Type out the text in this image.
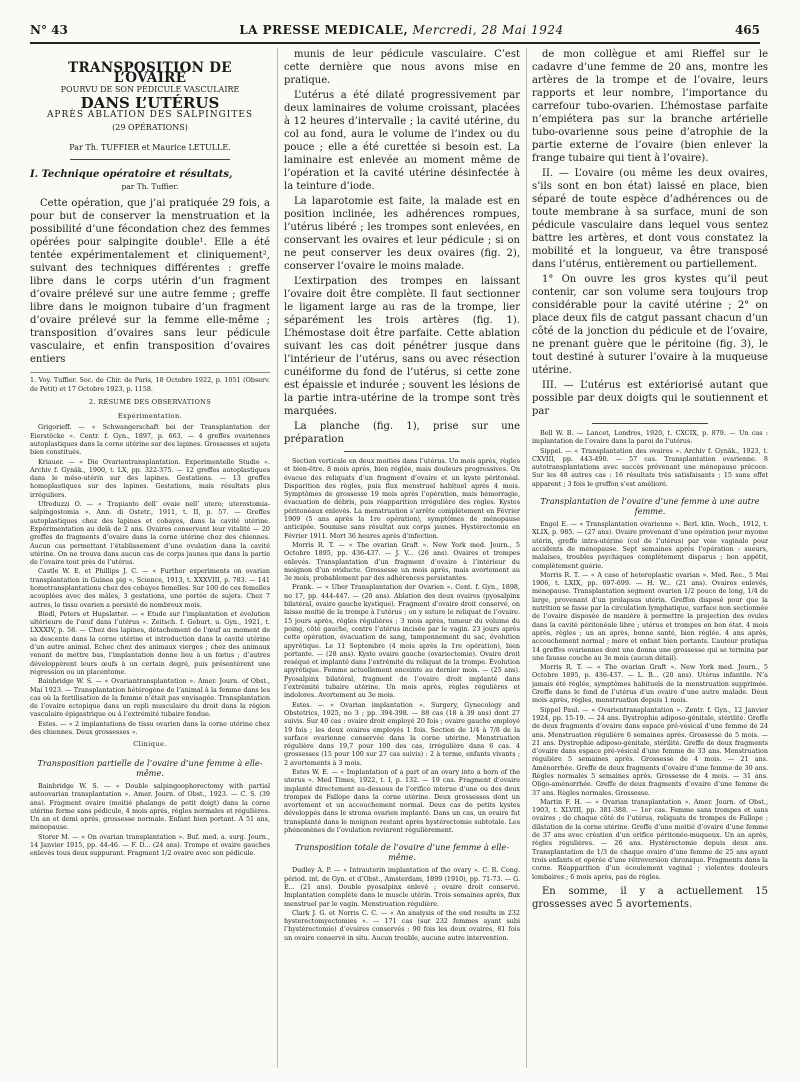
N° 43	LA PRESSE MEDICALE, Mercredi, 28 Mai 1924	465
TRANSPOSITION DE L’OVAIRE
POURVU DE SON PÉDICULE VASCULAIRE
DANS L’UTÉRUS
APRÈS ABLATION DES SALPINGITES
(29 OPÉRATIONS)
Par Th. TUFFIER et Maurice LETULLE.
I. Technique opératoire et résultats,
par Th. Tuffier.

Cette opération, que j’ai pratiquée 29 fois, a pour but de conserver la menstruation et la possibilité d’une fécondation chez des femmes opérées pour salpingite double¹. Elle a été tentée expérimentalement et cliniquement², suivant des techniques différentes : greffe libre dans le corps utérin d’un fragment d’ovaire prélevé sur une autre femme ; greffe libre dans le moignon tubaire d’un fragment d’ovaire prélevé sur la femme elle-même ; transposition d’ovaires sans leur pédicule vasculaire, et enfin transposition d’ovaires entiers

1. Voy. Tuffier. Soc. de Chir. de Paris, 18 Octobre 1922, p. 1051 (Observ. de Petit) et 17 Octobre 1923, p. 1158.
2. RÉSUMÉ DES OBSERVATIONS
Expérimentation.

Grigorieff. — « Schwangerschaft bei der Transplantation der Eierstöcke ». Centr. f. Gyn., 1897, p. 663. — 4 greffes ovariennes autoplastiques dans la corne utérine sur des lapines. Grossesses et sujets bien constitués.

Kriauer. — « Die Ovarientransplantation. Experimentelle Studie ». Archiv f. Gynäk., 1900, t. LX, pp. 322-375. — 12 greffes autoplastiques dans le méso-utérin sur des lapines. Gestations. — 13 greffes homoplastiques sur des lapines. Gestations, mais résultats plus irréguliers.

Ufreduzzi O. — « Trapianto dell’ ovaie nell’ utero; uterostomia-salpingostomia ». Ann. di Ostetr., 1911, t. II, p. 57. — Greffes autoplastiques chez des lapines et cobayes, dans la cavité utérine. Expérimentation au delà de 2 ans. Ovaires conservant leur vitalité — 20 greffes de fragments d’ovaire dans la corne utérine chez des chiennes. Aucun cas permettant l’établissement d’une ovulation dans la cavité utérine. On ne trouva dans aucun cas de corps jaunes que dans la partie de l’ovaire tout près de l’utérus.

Castle W. E. et Phillips J. C. — « Further experiments on ovarian transplantation in Guinea pig ». Science, 1913, t. XXXVIII, p. 783. — 141 homotransplantations chez des cobayes femelles. Sur 100 de ces femelles acouplées avec des mâles, 3 gestations, une portée de sujets. Chez 7 autres, le tissu ovarien a persisté de nombreux mois.

Biedl, Peters et Hupslatter. — « Etude sur l’implantation et évolution ultérieure de l’œuf dans l’utérus ». Zeitsch. f. Geburt. u. Gyn., 1921, t. LXXXIV, p. 58. — Chez des lapines, détachement de l’œuf au moment de sa descente dans la corne utérine et introduction dans la cavité utérine d’un autre animal. Echec chez des animaux vierges ; chez des animaux venant de mettre bas, l’implantation donne lieu à un fœtus ; d’autres développèrent leurs œufs à un certain degré, puis présentèrent une régression ou un placentome.

Bainbridge W. S. — « Ovariantransplantation ». Amer. Journ. of Obst., Mai 1923. — Transplantation hétérogène de l’animal à la femme dans les cas où la fertilisation de la femme n’était pas envisagée. Transplantation de l’ovaire ectopique dans un repli musculaire du droit dans la région vasculaire épigastrique ou à l’extrémité tubaire fendue.

Estes. — « 2 implantations de tissu ovarien dans la corne utérine chez des chiennes. Deux grossesses ».

Clinique.
Transposition partielle de l’ovaire d’une femme à elle-même.

Bainbridge W. S. — « Double salpingoophorectomy with partial autoovarian transplantation ». Amer. Journ. of Obst., 1923. — C. S. (39 ans). Fragment ovaire (moitié phalange de petit doigt) dans la corne utérine ferme sans pédicule, 4 mois après, règles normales et régulières. Un an et demi après, grossesse normale. Enfant bien portant. A 51 ans, ménopause.

Storer M. — « On ovarian transplantation ». Buf. med. a. surg. Journ., 14 Janvier 1915, pp. 44-46. — F. D... (24 ans). Trompe et ovaire gauches enlevés tous deux suppurant. Fragment 1/2 ovaire avec son pédicule.

munis de leur pédicule vasculaire. C’est cette dernière que nous avons mise en pratique.

L’utérus a été dilaté progressivement par deux laminaires de volume croissant, placées à 12 heures d’intervalle ; la cavité utérine, du col au fond, aura le volume de l’index ou du pouce ; elle a été curettée si besoin est. La laminaire est enlevée au moment même de l’opération et la cavité utérine désinfectée à la teinture d’iode.

La laparotomie est faite, la malade est en position inclinée, les adhérences rompues, l’utérus libéré ; les trompes sont enlevées, en conservant les ovaires et leur pédicule ; si on ne peut conserver les deux ovaires (fig. 2), conserver l’ovaire le moins malade.

L’extirpation des trompes en laissant l’ovaire doit être complète. Il faut sectionner le ligament large au ras de la trompe, lier séparément les trois artères (fig. 1). L’hémostase doit être parfaite. Cette ablation suivant les cas doit pénétrer jusque dans l’intérieur de l’utérus, sans ou avec résection cunéiforme du fond de l’utérus, si cette zone est épaissie et indurée ; souvent les lésions de la partie intra-utérine de la trompe sont très marquées.

La planche (fig. 1), prise sur une préparation

Section verticale en deux moitiés dans l’utérus. Un mois après, règles et bien-être. 8 mois après, bien réglée, mais douleurs progressives. On évacue des reliquats d’un fragment d’ovaire et un kyste péritonéal. Disparition des règles, puis flux menstruel habituel après 4 mois. Symptômes de grossesse 19 mois après l’opération, mais hémorragie, évacuation de débris, puis réapparition irrégulière des règles. Kystes péritonéaux enlevés. La menstruation s’arrête complètement en Février 1909 (5 ans après la 1re opération), symptômes de ménopause anticipée. Soumise sans résultat aux corps jaunes. Hystérectomie en Février 1911. Mort 36 heures après d’infection.

Morris R. T. — « The ovarian Graft ». New York med. Journ., 5 Octobre 1895, pp. 436-437. — J. V... (26 ans). Ovaires et trompes enlevés. Transplantation d’un fragment d’ovaire à l’intérieur du moignon d’un oviducte. Grossesse un mois après, mais avortement au 3e mois, probablement par des adhérences persistantes.

Frank. — « Uber Transplantation der Ovarien ». Cent. f. Gyn., 1898, no 17, pp. 444-447. — (20 ans). Ablation des deux ovaires (pyosalpinx bilatéral, ovaire gauche kystique). Fragment d’ovaire droit conservé, on laisse moitié de la trompe à l’utérus ; on y suture le reliquat de l’ovaire. 15 jours après, règles régulières ; 3 mois après, tumeur du volume du poing, côté gauche, contre l’utérus incisée par le vagin. 23 jours après cette opération, évacuation de sang, tamponnement du sac, évolution apyrétique. Le 11 Septembre (4 mois après la 1re opération), bien portante. — (28 ans). Kyste ovaire gauche (ovariectomie). Ovaire droit reséqué et implanté dans l’extrémité du reliquat de la trompe. Évolution apyrétique. Femme actuellement enceinte au dernier mois. — (25 ans). Pyosalpinx bilatéral, fragment de l’ovaire droit implanté dans l’extrémité tubaire utérine. Un mois après, règles régulières et indolores. Avortement au 3e mois.

Estes. — « Ovarian implantation ». Surgery, Gynecology and Obstetrics, 1925, no 3 ; pp. 394-398. — 88 cas (18 à 39 ans) dont 27 suivis. Sur 40 cas : ovaire droit employé 20 fois ; ovaire gauche employé 19 fois ; les deux ovaires employés 1 fois. Section de 1/4 à 7/8 de la surface ovarienne conservée dans la corne utérine. Menstruation régulière dans 19,7 pour 100 des cas, irrégulière dans 6 cas. 4 grossesses (15 pour 100 sur 27 cas suivis) : 2 à terme, enfants vivants ; 2 avortements à 3 mois.

Estes W. E. — « Implantation of a part of an ovary into a horn of the uterus ». Med Times, 1922, t. I, p. 132. — 19 cas. Fragment d’ovaire implanté directement au-dessous de l’orifice interne d’une ou des deux trompes de Fallope dans la corne utérine. Deux grossesses dont un avortement et un accouchement normal. Deux cas de petits kystes développés dans le stroma ovarien implanté. Dans un cas, un ovaire fut transplanté dans le moignon restant après hystérectomie subtotale. Les phénomènes de l’ovulation revinrent régulièrement.

Transposition totale de l’ovaire d’une femme à elle-même.

Dudley A. P. — « Intrauterin implantation of the ovary ». C. R. Cong. périod. int. de Gyn. et d’Obst., Amsterdam, 1899 (1910), pp. 71-73. — G. E... (21 ans). Double pyosalpinx enlevé ; ovaire droit conservé. Implantation complète dans le muscle utérin. Trois semaines après, flux menstruel par le vagin. Menstruation régulière.

Clark J. G. et Norris C. C. — « An analysis of the end results in 232 hysterectomyectomies ». — 171 cas (sur 232 femmes ayant subi l’hystérectomie) d’ovaires conservés : 90 fois les deux ovaires, 81 fois un ovaire conservé in situ. Aucun trouble, aucune autre intervention.

de mon collègue et ami Rieffel sur le cadavre d’une femme de 20 ans, montre les artères de la trompe et de l’ovaire, leurs rapports et leur nombre, l’importance du carrefour tubo-ovarien. L’hémostase parfaite n’empiétera pas sur la branche artérielle tubo-ovarienne sous peine d’atrophie de la partie externe de l’ovaire (bien enlever la frange tubaire qui tient à l’ovaire).

II. — L’ovaire (ou même les deux ovaires, s’ils sont en bon état) laissé en place, bien séparé de toute espèce d’adhérences ou de toute membrane à sa surface, muni de son pédicule vasculaire dans lequel vous sentez battre les artères, et dont vous constatez la mobilité et la longueur, va être transposé dans l’utérus, entièrement ou partiellement.

1° On ouvre les gros kystes qu’il peut contenir, car son volume sera toujours trop considérable pour la cavité utérine ; 2° on place deux fils de catgut passant chacun d’un côté de la jonction du pédicule et de l’ovaire, ne prenant guère que le péritoine (fig. 3), le tout destiné à suturer l’ovaire à la muqueuse utérine.

III. — L’utérus est extériorisé autant que possible par deux doigts qui le soutiennent et par

Bell W. B. — Lancet, Londres, 1920, t. CXCIX, p. 879. — Un cas : implantation de l’ovaire dans la paroi de l’utérus.

Sippel. — « Transplantation des ovaires ». Archiv f. Gynäk., 1923, t. CXVIII, pp. 443-490. — 57 cas. Transplantation ovarienne. 8 autotransplantations avec succès prévenant une ménopause précoce. Sur les 48 autres cas : 16 résultats très satisfaisants ; 15 sans effet apparent ; 3 fois le greffon s’est amélioré.

Transplantation de l’ovaire d’une femme à une autre femme.

Engel E. — « Transplantation ovarienne ». Berl. klin. Woch., 1912, t. XLIX, p. 985. — (27 ans). Ovaire provenant d’une opération pour myome utérin, greffe intra-utérine (col de l’utérus) par voie vaginale pour accidents de ménopause. Sept semaines après l’opération : sueurs, malaises, troubles psychiques complètement disparus ; bon appétit, complètement guérie.

Morris R. T. — « A case of heteroplastic ovarian ». Med. Rec., 5 Mai 1906, t. LXIX, pp. 697-699. — H. W... (21 ans). Ovaires enlevés, ménopause. Transplantation segment ovarien 1/2 pouce de long, 1/4 de large, provenant d’un prolapsus utérin. Greffon disposé pour que la nutrition se fasse par la circulation lymphatique, surface non sectionnée de l’ovaire disposée de manière à permettre la projection des ovules dans la cavité péritonéale libre ; utérus et trompes en bon état. 4 mois après, règles ; un an après, bonne santé, bien réglée. 4 ans après, accouchement normal ; mère et enfant bien portants. L’auteur pratiqua 14 greffes ovariennes dont une donna une grossesse qui se termina par une fausse couche au 3e mois (aucun détail).

Morris R. T. — « The ovarian Graft ». New York med. Journ., 5 Octobre 1895, p. 436-437. — L. B... (20 ans). Utérus infantile. N’a jamais été réglée, symptômes habituels de la menstruation supprimée. Greffe dans le fond de l’utérus d’un ovaire d’une autre malade. Deux mois après, règles, menstruation depuis 1 mois.

Sippel Paul. — « Ovarientransplantation ». Zentr. f. Gyn., 12 Janvier 1924, pp. 15-19. — 24 ans. Dystrophie adiposo-génitale, stérilité. Greffe de deux fragments d’ovaire dans espace pré-vésical d’une femme de 24 ans. Menstruation régulière 6 semaines après. Grossesse de 5 mois. — 21 ans. Dystrophie adiposo-génitale, stérilité. Greffe de deux fragments d’ovaire dans espace pré-vésical d’une femme de 33 ans. Menstruation régulière 5 semaines après. Grossesse de 4 mois. — 21 ans. Aménorrhée. Greffe de deux fragments d’ovaire d’une femme de 30 ans. Règles normales 5 semaines après. Grossesse de 4 mois. — 31 ans. Oligo-aménorrhée. Greffe de deux fragments d’ovaire d’une femme de 37 ans. Règles normales. Grossesse.

Martin F. H. — « Ovarian transplantation ». Amer. Journ. of Obst., 1903, t. XLVIII, pp. 381-388. — 1er cas. Femme sans trompes et sans ovaires ; de chaque côté de l’utérus, reliquats de trompes de Fallope ; dilatation de la corne utérine. Greffe d’une moitié d’ovaire d’une femme de 37 ans avec création d’un orifice péritonéo-muqueux. Un an après, règles régulières. — 26 ans. Hystérectomie depuis deux ans. Transplantation de 1/3 de chaque ovaire d’une femme de 25 ans ayant trois enfants et opérée d’une rétroversion chronique. Fragments dans la corne. Réapparition d’un écoulement vaginal ; violentes douleurs lombaires ; 6 mois après, pas de règles.

En somme, il y a actuellement 15 grossesses avec 5 avortements.
